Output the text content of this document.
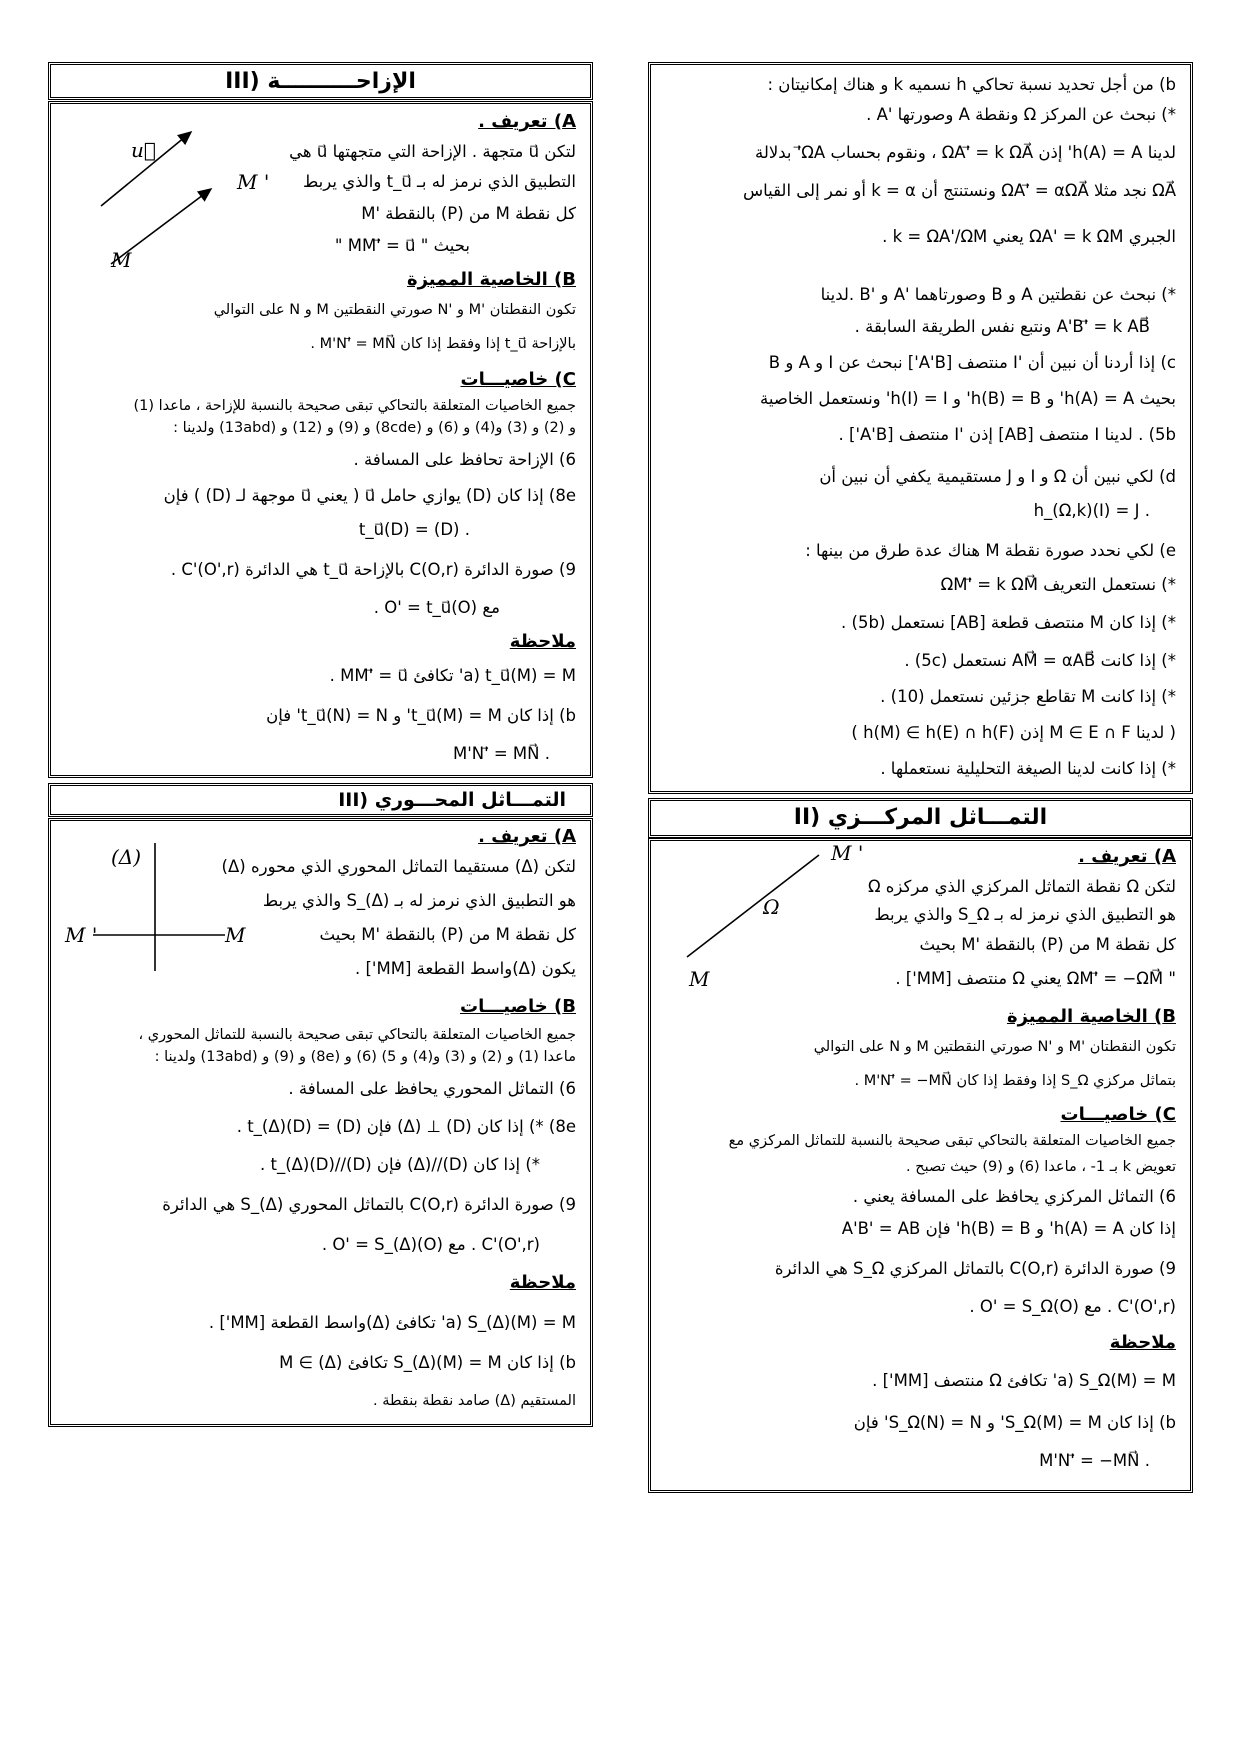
III) الإزاحــــــــــة
u⃗
M '
M
A) تعريف .
لتكن u⃗ متجهة . الإزاحة التي متجهتها u⃗ هي
التطبيق الذي نرمز له بـ t_u⃗ والذي يربط
كل نقطة M من (P) بالنقطة 'M
بحيث " MM'⃗ = u⃗ "
B) الخاصية المميزة
تكون النقطتان 'M و 'N صورتي النقطتين M و N على التوالي
بالإزاحة t_u⃗ إذا وفقط إذا كان M'N'⃗ = MN⃗ .
C) خاصيـــات
جميع الخاصيات المتعلقة بالتحاكي تبقى صحيحة بالنسبة للإزاحة ، ماعدا (1)
و (2) و (3) و(4) و (6) و (8cde) و (9) و (12) و (13abd) ولدينا :
6) الإزاحة تحافظ على المسافة .
8e) إذا كان (D) يوازي حامل u⃗ ( يعني u⃗ موجهة لـ (D) ) فإن
. t_u⃗(D) = (D)
9) صورة الدائرة C(O,r) بالإزاحة t_u⃗ هي الدائرة C'(O',r) .
مع O' = t_u⃗(O) .
ملاحظة
a) t_u⃗(M) = M' تكافئ MM'⃗ = u⃗ .
b) إذا كان t_u⃗(M) = M' و t_u⃗(N) = N' فإن
. M'N'⃗ = MN⃗
III) التمـــاثل المحـــوري
(Δ)
M '	M
A) تعريف .
لتكن (Δ) مستقيما التماثل المحوري الذي محوره (Δ)
هو التطبيق الذي نرمز له بـ S_(Δ) والذي يربط
كل نقطة M من (P) بالنقطة 'M بحيث
يكون (Δ)واسط القطعة [MM'] .
B) خاصيـــات
جميع الخاصيات المتعلقة بالتحاكي تبقى صحيحة بالنسبة للتماثل المحوري ،
ماعدا (1) و (2) و (3) و(4) و 5) (6) و (8e) و (9) و (13abd) ولدينا :
6) التماثل المحوري يحافظ على المسافة .
8e) *) إذا كان (D) ⊥ (Δ) فإن t_(Δ)(D) = (D) .
*) إذا كان (D)//(Δ) فإن t_(Δ)(D)//(D) .
9) صورة الدائرة C(O,r) بالتماثل المحوري S_(Δ) هي الدائرة
C'(O',r) . مع O' = S_(Δ)(O) .
ملاحظة
a) S_(Δ)(M) = M' تكافئ (Δ)واسط القطعة [MM'] .
b) إذا كان S_(Δ)(M) = M تكافئ M ∈ (Δ)
المستقيم (Δ) صامد نقطة بنقطة .
b) من أجل تحديد نسبة تحاكي h نسميه k و هناك إمكانيتان :
*) نبحث عن المركز Ω ونقطة A وصورتها 'A .
لدينا h(A) = A' إذن ΩA'⃗ = k ΩA⃗ ، ونقوم بحساب ΩA'⃗ بدلالة
ΩA⃗ نجد مثلا ΩA'⃗ = αΩA⃗ ونستنتج أن k = α أو نمر إلى القياس
الجبري ΩA' = k ΩM يعني k = ΩA'/ΩM .
*) نبحث عن نقطتين A و B وصورتاهما 'A و 'B .لدينا
A'B'⃗ = k AB⃗ ونتبع نفس الطريقة السابقة .
c) إذا أردنا أن نبين أن 'I منتصف [A'B'] نبحث عن I و A و B
بحيث h(A) = A' و h(B) = B' و h(I) = I' ونستعمل الخاصية
5b) . لدينا I منتصف [AB] إذن 'I منتصف [A'B'] .
d) لكي نبين أن Ω و I و J مستقيمية يكفي أن نبين أن
. h_(Ω,k)(I) = J
e) لكي نحدد صورة نقطة M هناك عدة طرق من بينها :
*) نستعمل التعريف ΩM'⃗ = k ΩM⃗
*) إذا كان M منتصف قطعة [AB] نستعمل (5b) .
*) إذا كانت AM⃗ = αAB⃗ نستعمل (5c) .
*) إذا كانت M تقاطع جزئين نستعمل (10) .
( لدينا M ∈ E ∩ F إذن h(M) ∈ h(E) ∩ h(F) )
*) إذا كانت لدينا الصيغة التحليلية نستعملها .
II) التمـــاثل المركـــزي
M '
Ω
M
A) تعريف .
لتكن Ω نقطة التماثل المركزي الذي مركزه Ω
هو التطبيق الذي نرمز له بـ S_Ω والذي يربط
كل نقطة M من (P) بالنقطة 'M بحيث
" ΩM'⃗ = −ΩM⃗ يعني Ω منتصف [MM'] .
B) الخاصية المميزة
تكون النقطتان 'M و 'N صورتي النقطتين M و N على التوالي
بتماثل مركزي S_Ω إذا وفقط إذا كان M'N'⃗ = −MN⃗ .
C) خاصيـــات
جميع الخاصيات المتعلقة بالتحاكي تبقى صحيحة بالنسبة للتماثل المركزي مع
تعويض k بـ 1- ، ماعدا (6) و (9) حيث تصبح .
6) التماثل المركزي يحافظ على المسافة يعني .
إذا كان h(A) = A' و h(B) = B' فإن A'B' = AB
9) صورة الدائرة C(O,r) بالتماثل المركزي S_Ω هي الدائرة
C'(O',r) . مع O' = S_Ω(O) .
ملاحظة
a) S_Ω(M) = M' تكافئ Ω منتصف [MM'] .
b) إذا كان S_Ω(M) = M' و S_Ω(N) = N' فإن
. M'N'⃗ = −MN⃗
